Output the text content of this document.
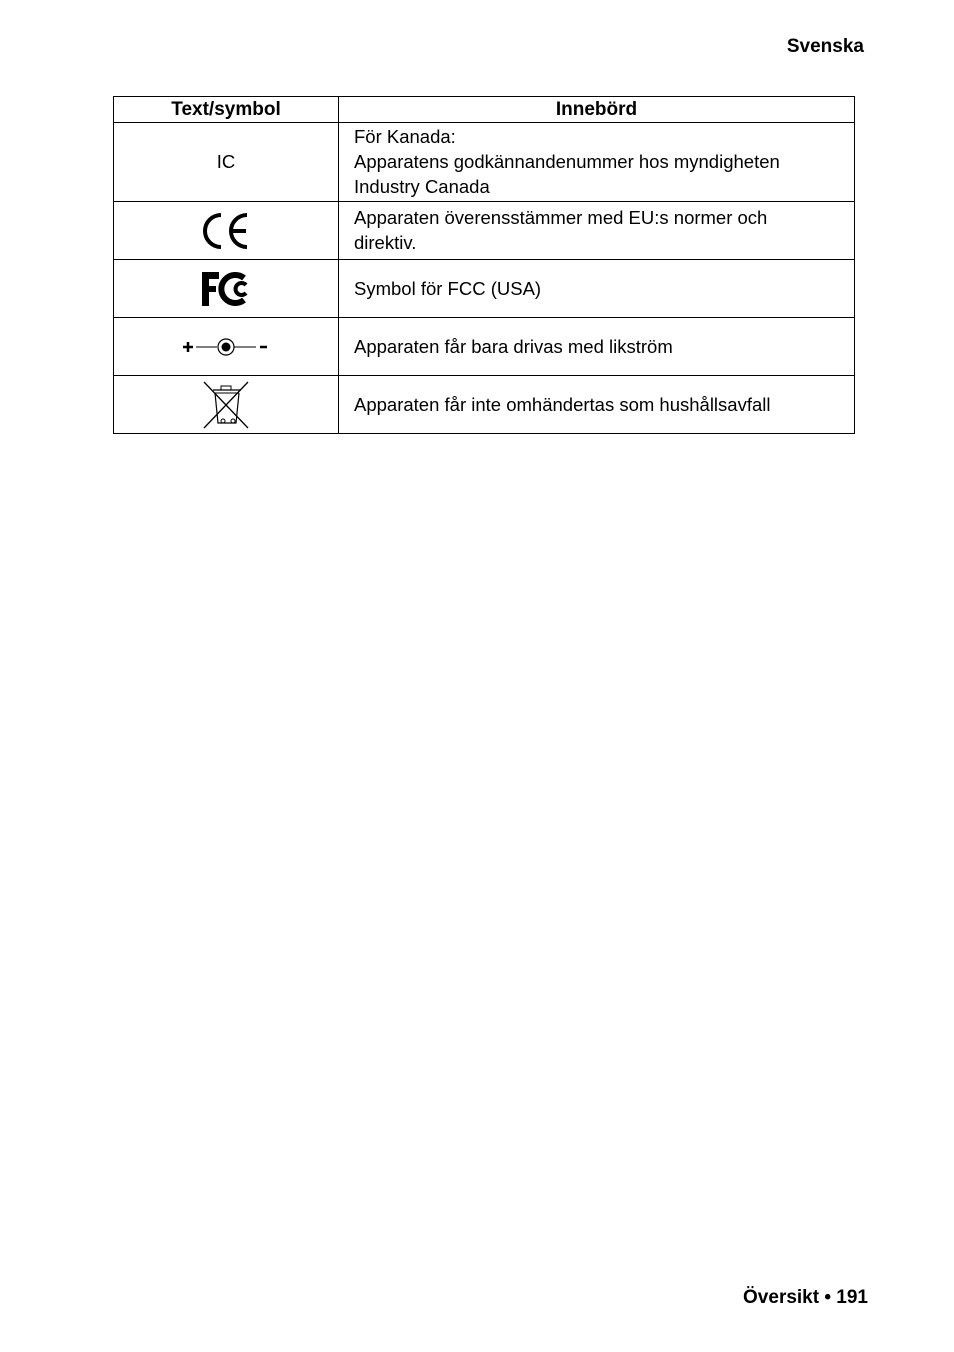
Svenska
Text/symbol	Innebörd
IC	För Kanada:
Apparatens godkännandenummer hos myndigheten
Industry Canada

Apparaten överensstämmer med EU:s normer och
direktiv.

Symbol för FCC (USA)

Apparaten får bara drivas med likström

Apparaten får inte omhändertas som hushållsavfall
Översikt • 191
